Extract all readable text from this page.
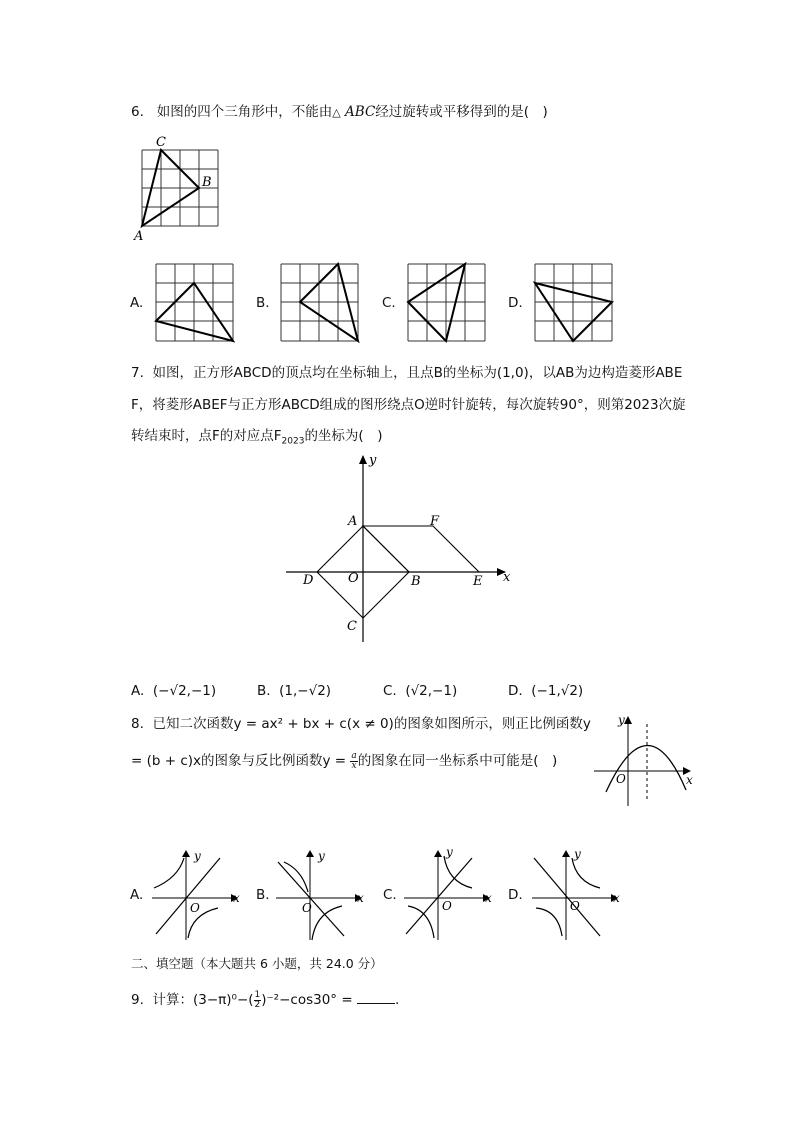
6. 如图的四个三角形中，不能由△ ABC经过旋转或平移得到的是(　)
C
B
A
A.	B.	C.	D.
7. 如图，正方形ABCD的顶点均在坐标轴上，且点B的坐标为(1,0)，以AB为边构造菱形ABE
F，将菱形ABEF与正方形ABCD组成的图形绕点O逆时针旋转，每次旋转90°，则第2023次旋
转结束时，点F的对应点$F_{2023}$的坐标为(　)
y
x
A	F
D	O	B	E
C
A. (−√2,−1)	B. (1,−√2)	C. (√2,−1)	D. (−1,√2)
8. 已知二次函数y = ax² + bx + c(x ≠ 0)的图象如图所示，则正比例函数y
= (b + c)x的图象与反比例函数$y = \frac{a}{x}$ 的图象在同一坐标系中可能是(　)
y
x
O
A.
y
x
O
B.
y
x
O
C.
y
x
O
D.
y
x
O
二、填空题（本大题共 6 小题，共 24.0 分）
9. 计算：$(3-\pi)^0-( \frac{1}{2} )^{-2}-\cos 30^\circ$ =	.
